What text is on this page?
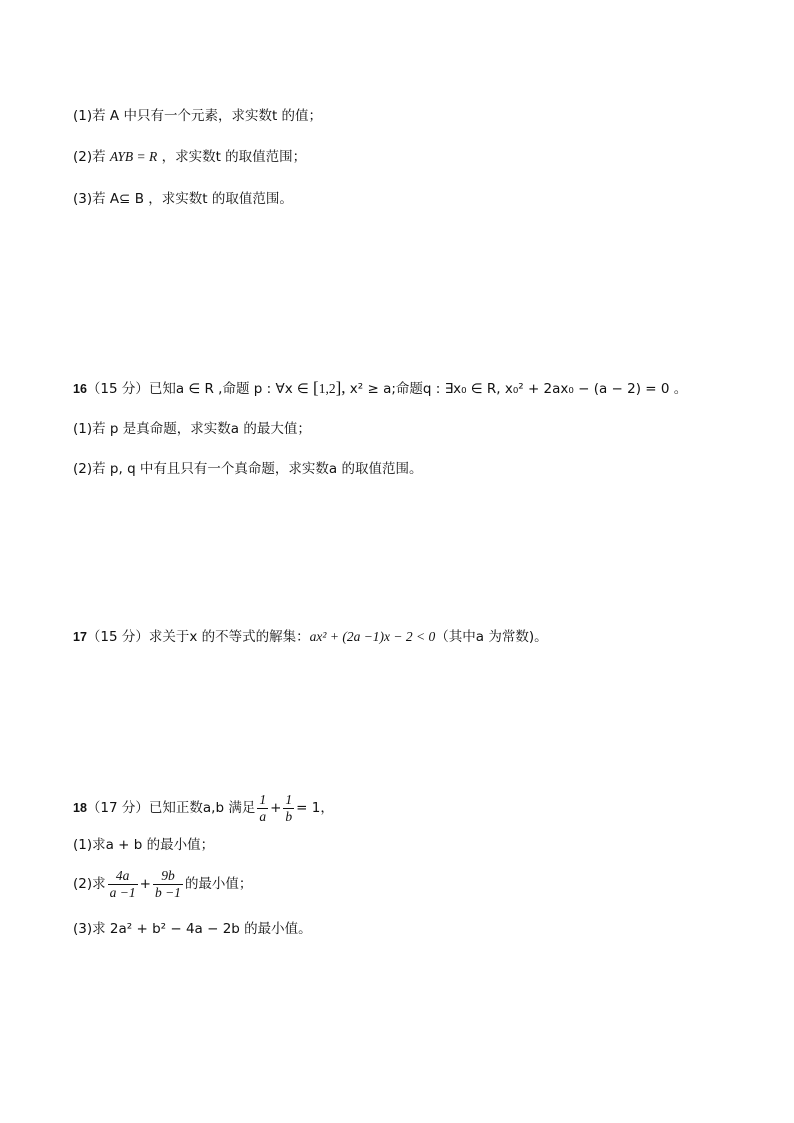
(1)若 A 中只有一个元素，求实数t 的值；
(2)若 AYB = R ，求实数t 的取值范围；
(3)若 A⊆ B ，求实数t 的取值范围。
16（15 分）已知a ∈ R ,命题 p : ∀x ∈ [1,2], x² ≥ a;命题q : ∃x₀ ∈ R, x₀² + 2ax₀ − (a − 2) = 0 。
(1)若 p 是真命题，求实数a 的最大值；
(2)若 p, q 中有且只有一个真命题，求实数a 的取值范围。
17（15 分）求关于x 的不等式的解集：ax² + (2a −1)x − 2 < 0（其中a 为常数)。
18（17 分）已知正数a,b 满足 $\frac{1}{a} + \frac{1}{b} = 1$，
(1)求a + b 的最小值；
(2)求 $\frac{4a}{a -1} + \frac{9b}{b -1}$ 的最小值；
(3)求 2a² + b² − 4a − 2b 的最小值。
